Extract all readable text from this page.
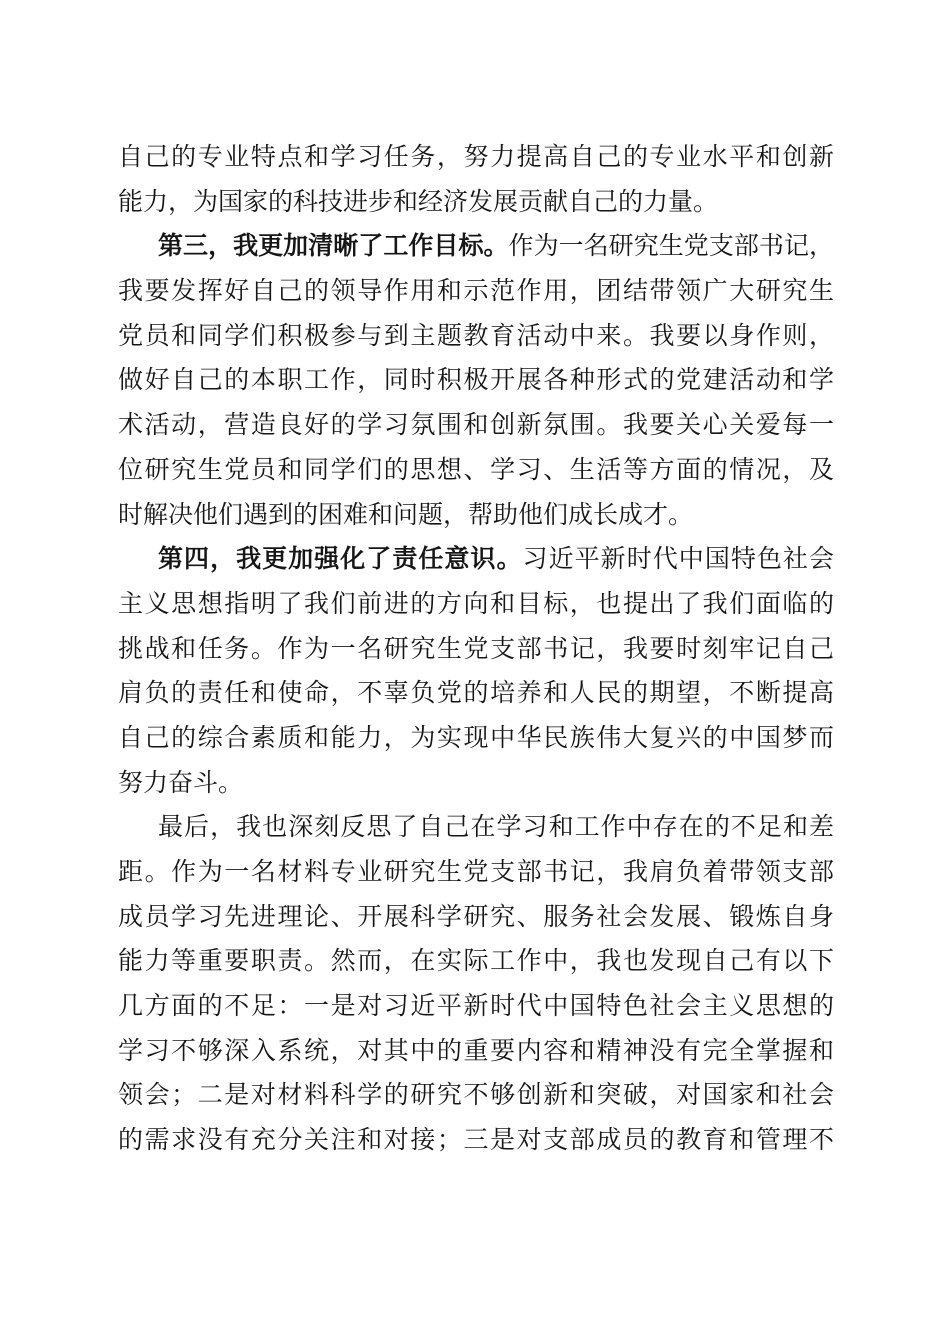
自己的专业特点和学习任务，努力提高自己的专业水平和创新
能力，为国家的科技进步和经济发展贡献自己的力量。
第三，我更加清晰了工作目标。作为一名研究生党支部书记，
我要发挥好自己的领导作用和示范作用，团结带领广大研究生
党员和同学们积极参与到主题教育活动中来。我要以身作则，
做好自己的本职工作，同时积极开展各种形式的党建活动和学
术活动，营造良好的学习氛围和创新氛围。我要关心关爱每一
位研究生党员和同学们的思想、学习、生活等方面的情况，及
时解决他们遇到的困难和问题，帮助他们成长成才。
第四，我更加强化了责任意识。习近平新时代中国特色社会
主义思想指明了我们前进的方向和目标，也提出了我们面临的
挑战和任务。作为一名研究生党支部书记，我要时刻牢记自己
肩负的责任和使命，不辜负党的培养和人民的期望，不断提高
自己的综合素质和能力，为实现中华民族伟大复兴的中国梦而
努力奋斗。
最后，我也深刻反思了自己在学习和工作中存在的不足和差
距。作为一名材料专业研究生党支部书记，我肩负着带领支部
成员学习先进理论、开展科学研究、服务社会发展、锻炼自身
能力等重要职责。然而，在实际工作中，我也发现自己有以下
几方面的不足：一是对习近平新时代中国特色社会主义思想的
学习不够深入系统，对其中的重要内容和精神没有完全掌握和
领会；二是对材料科学的研究不够创新和突破，对国家和社会
的需求没有充分关注和对接；三是对支部成员的教育和管理不
